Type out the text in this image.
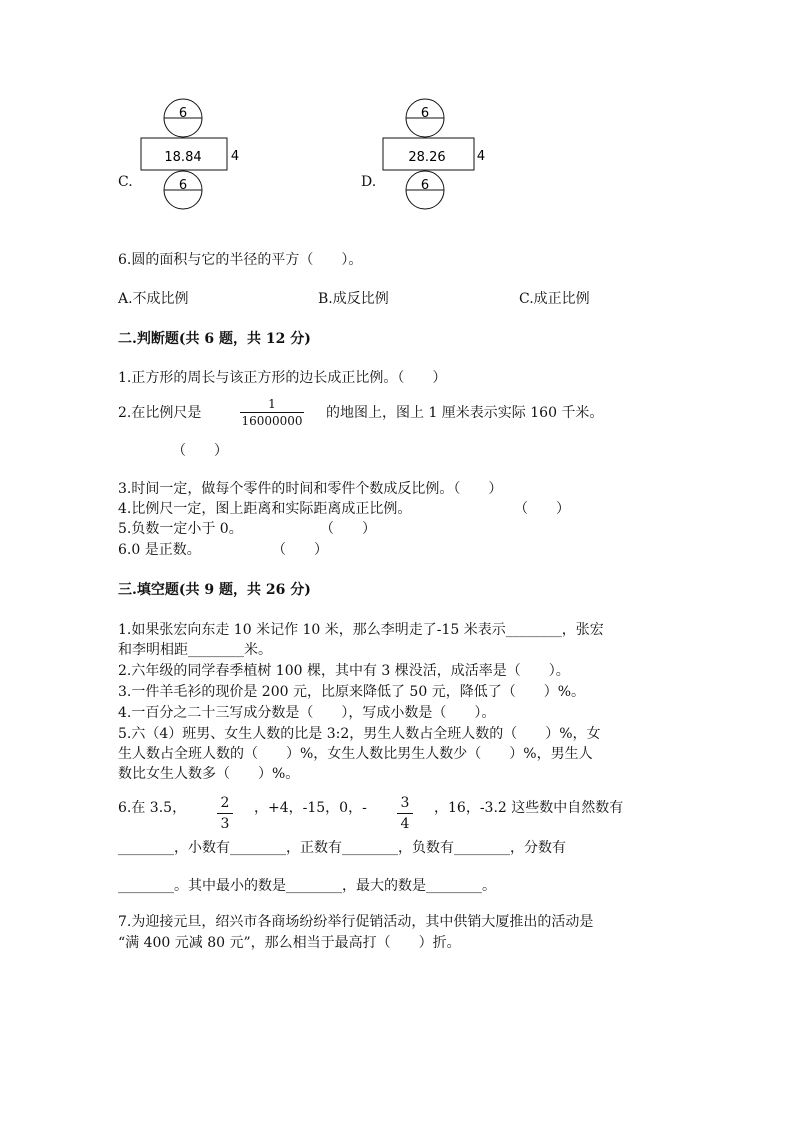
C.
6
18.84 4
6	D.
6
28.26 4
6
6.圆的面积与它的半径的平方（　　）。
A.不成比例	B.成反比例	C.成正比例
二.判断题(共 6 题，共 12 分)
1.正方形的周长与该正方形的边长成正比例。（　　）
2.在比例尺是
1
16000000 的地图上，图上 1 厘米表示实际 160 千米。
（　　）
3.时间一定，做每个零件的时间和零件个数成反比例。（　　）
4.比例尺一定，图上距离和实际距离成正比例。	（　　）
5.负数一定小于 0。	（　　）
6.0 是正数。	（　　）
三.填空题(共 9 题，共 26 分)
1.如果张宏向东走 10 米记作 10 米，那么李明走了-15 米表示________，张宏
和李明相距________米。
2.六年级的同学春季植树 100 棵，其中有 3 棵没活，成活率是（　　）。
3.一件羊毛衫的现价是 200 元，比原来降低了 50 元，降低了（　　）%。
4.一百分之二十三写成分数是（　　），写成小数是（　　）。
5.六（4）班男、女生人数的比是 3:2，男生人数占全班人数的（　　）%，女
生人数占全班人数的（　　）%，女生人数比男生人数少（　　）%，男生人
数比女生人数多（　　）%。
6.在 3.5， 2
3
，+4，-15，0，- 3
4
，16，-3.2 这些数中自然数有
________，小数有________，正数有________，负数有________，分数有
________。其中最小的数是________，最大的数是________。
7.为迎接元旦，绍兴市各商场纷纷举行促销活动，其中供销大厦推出的活动是
“满 400 元减 80 元”，那么相当于最高打（　　）折。
